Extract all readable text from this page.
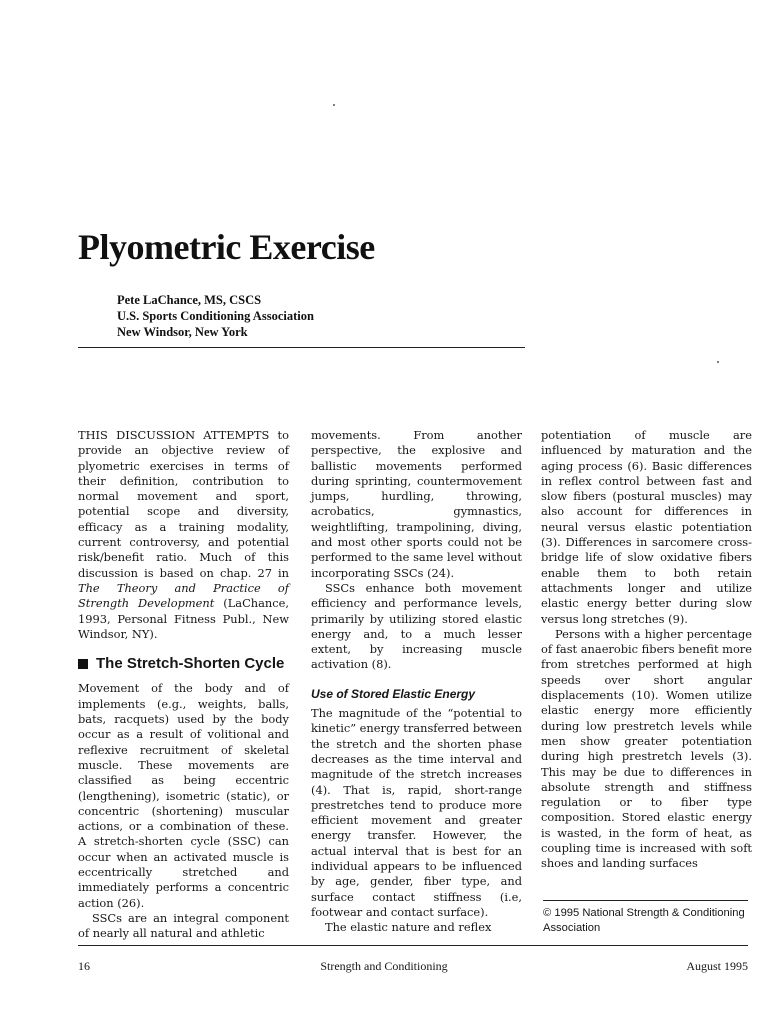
Plyometric Exercise
Pete LaChance, MS, CSCS
U.S. Sports Conditioning Association
New Windsor, New York

THIS DISCUSSION ATTEMPTS to provide an objective review of plyometric exercises in terms of their definition, contribution to normal movement and sport, potential scope and diversity, efficacy as a training modality, current controversy, and potential risk/benefit ratio. Much of this discussion is based on chap. 27 in The Theory and Practice of Strength Development (LaChance, 1993, Personal Fitness Publ., New Windsor, NY).

The Stretch-Shorten Cycle

Movement of the body and of implements (e.g., weights, balls, bats, racquets) used by the body occur as a result of volitional and reflexive recruitment of skeletal muscle. These movements are classified as being eccentric (lengthening), isometric (static), or concentric (shortening) muscular actions, or a combination of these. A stretch-shorten cycle (SSC) can occur when an activated muscle is eccentrically stretched and immediately performs a concentric action (26).

SSCs are an integral component of nearly all natural and athletic

movements. From another perspective, the explosive and ballistic movements performed during sprinting, countermovement jumps, hurdling, throwing, acrobatics, gymnastics, weightlifting, trampolining, diving, and most other sports could not be performed to the same level without incorporating SSCs (24).

SSCs enhance both movement efficiency and performance levels, primarily by utilizing stored elastic energy and, to a much lesser extent, by increasing muscle activation (8).

Use of Stored Elastic Energy

The magnitude of the “potential to kinetic” energy transferred between the stretch and the shorten phase decreases as the time interval and magnitude of the stretch increases (4). That is, rapid, short-range prestretches tend to produce more efficient movement and greater energy transfer. However, the actual interval that is best for an individual appears to be influenced by age, gender, fiber type, and surface contact stiffness (i.e, footwear and contact surface).

The elastic nature and reflex

potentiation of muscle are influenced by maturation and the aging process (6). Basic differences in reflex control between fast and slow fibers (postural muscles) may also account for differences in neural versus elastic potentiation (3). Differences in sarcomere cross-bridge life of slow oxidative fibers enable them to both retain attachments longer and utilize elastic energy better during slow versus long stretches (9).

Persons with a higher percentage of fast anaerobic fibers benefit more from stretches performed at high speeds over short angular displacements (10). Women utilize elastic energy more efficiently during low prestretch levels while men show greater potentiation during high prestretch levels (3). This may be due to differences in absolute strength and stiffness regulation or to fiber type composition. Stored elastic energy is wasted, in the form of heat, as coupling time is increased with soft shoes and landing surfaces

© 1995 National Strength & Conditioning Association
16	Strength and Conditioning	August 1995
